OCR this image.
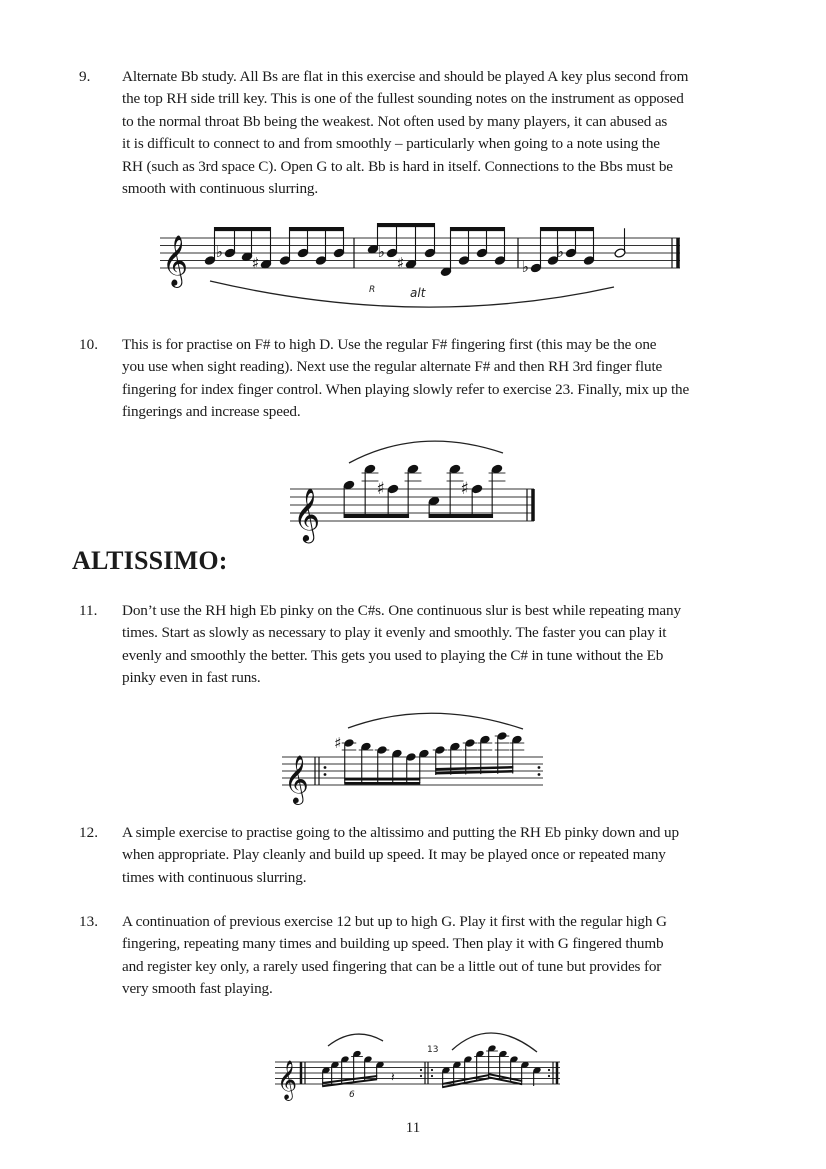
9. Alternate Bb study. All Bs are flat in this exercise and should be played A key plus second from
the top RH side trill key. This is one of the fullest sounding notes on the instrument as opposed
to the normal throat Bb being the weakest. Not often used by many players, it can abused as
it is difficult to connect to and from smoothly – particularly when going to a note using the
RH (such as 3rd space C). Open G to alt. Bb is hard in itself. Connections to the Bbs must be
smooth with continuous slurring.
𝄞 ♭
♯
♭
♯	♭
♭
R	alt
10. This is for practise on F# to high D. Use the regular F# fingering first (this may be the one
you use when sight reading). Next use the regular alternate F# and then RH 3rd finger flute
fingering for index finger control. When playing slowly refer to exercise 23. Finally, mix up the
fingerings and increase speed.
𝄞	♯	♯
ALTISSIMO:
11. Don’t use the RH high Eb pinky on the C#s. One continuous slur is best while repeating many
times. Start as slowly as necessary to play it evenly and smoothly. The faster you can play it
evenly and smoothly the better. This gets you used to playing the C# in tune without the Eb
pinky even in fast runs.
𝄞
♯
12. A simple exercise to practise going to the altissimo and putting the RH Eb pinky down and up
when appropriate. Play cleanly and build up speed. It may be played once or repeated many
times with continuous slurring.
13. A continuation of previous exercise 12 but up to high G. Play it first with the regular high G
fingering, repeating many times and building up speed. Then play it with G fingered thumb
and register key only, a rarely used fingering that can be a little out of tune but provides for
very smooth fast playing.
𝄞	𝄽
6
13
11
